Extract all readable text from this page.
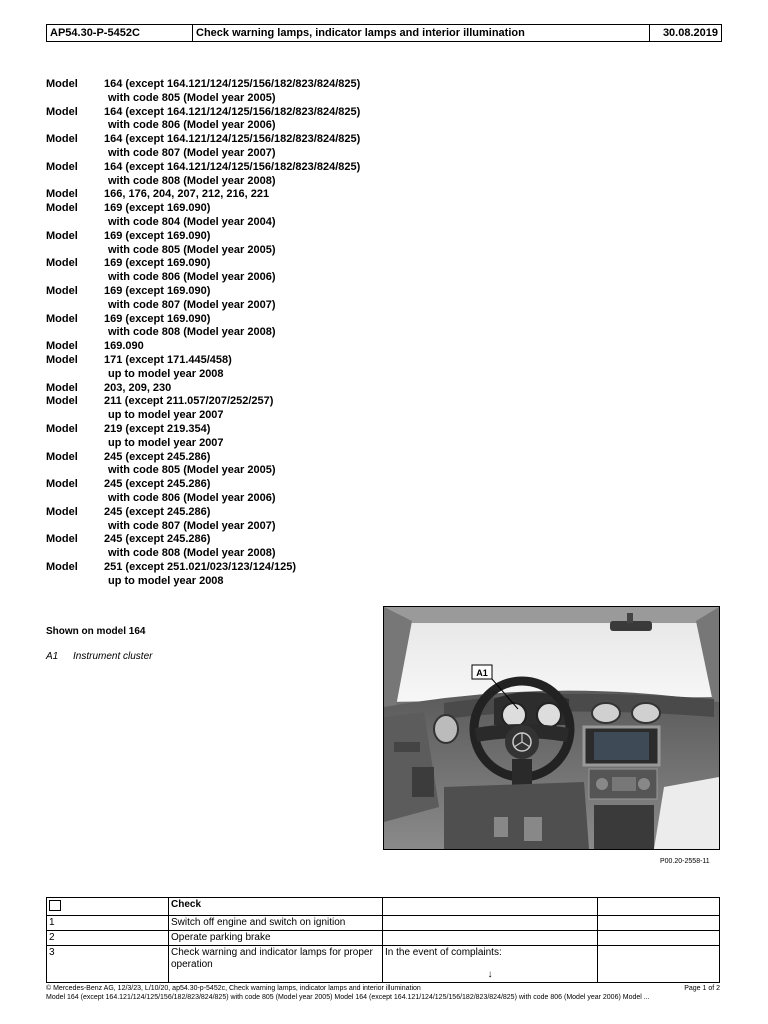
AP54.30-P-5452C	Check warning lamps, indicator lamps and interior illumination	30.08.2019
Model	164 (except 164.121/124/125/156/182/823/824/825)
with code 805 (Model year 2005)
Model	164 (except 164.121/124/125/156/182/823/824/825)
with code 806 (Model year 2006)
Model	164 (except 164.121/124/125/156/182/823/824/825)
with code 807 (Model year 2007)
Model	164 (except 164.121/124/125/156/182/823/824/825)
with code 808 (Model year 2008)
Model	166, 176, 204, 207, 212, 216, 221
Model	169 (except 169.090)
with code 804 (Model year 2004)
Model	169 (except 169.090)
with code 805 (Model year 2005)
Model	169 (except 169.090)
with code 806 (Model year 2006)
Model	169 (except 169.090)
with code 807 (Model year 2007)
Model	169 (except 169.090)
with code 808 (Model year 2008)
Model	169.090
Model	171 (except 171.445/458)
up to model year 2008
Model	203, 209, 230
Model	211 (except 211.057/207/252/257)
up to model year 2007
Model	219 (except 219.354)
up to model year 2007
Model	245 (except 245.286)
with code 805 (Model year 2005)
Model	245 (except 245.286)
with code 806 (Model year 2006)
Model	245 (except 245.286)
with code 807 (Model year 2007)
Model	245 (except 245.286)
with code 808 (Model year 2008)
Model	251 (except 251.021/023/123/124/125)
up to model year 2008
Shown on model 164
A1	Instrument cluster
A1
P00.20-2558-11
	Check		
1	Switch off engine and switch on ignition		
2	Operate parking brake		
3	Check warning and indicator lamps for proper operation	In the event of complaints:
↓	

© Mercedes-Benz AG, 12/3/23, L/10/20, ap54.30-p-5452c, Check warning lamps, indicator lamps and interior illumination	Page 1 of 2
Model 164 (except 164.121/124/125/156/182/823/824/825) with code 805 (Model year 2005) Model 164 (except 164.121/124/125/156/182/823/824/825) with code 806 (Model year 2006) Model ...
